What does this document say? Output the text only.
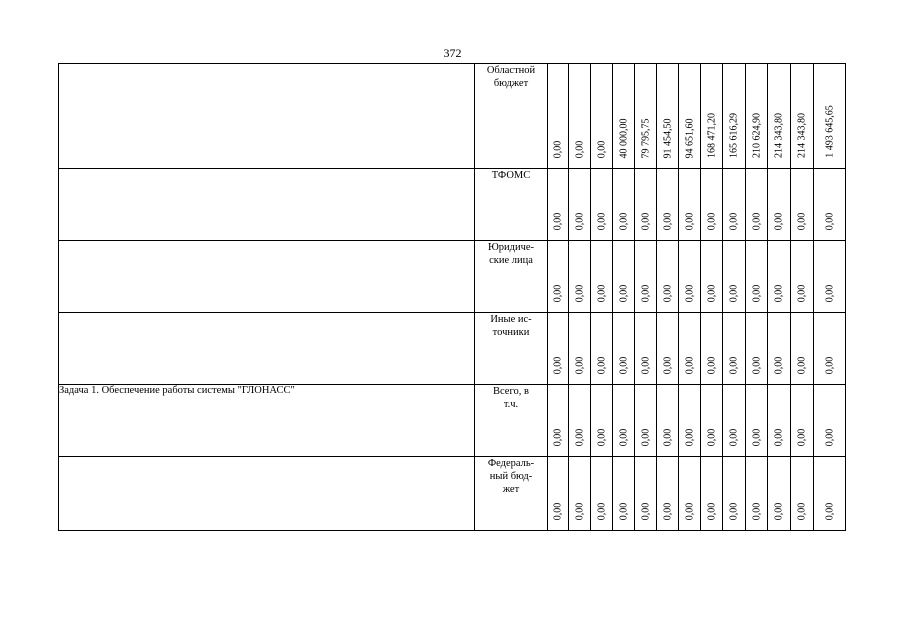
372

	Областной бюджет	0,00	0,00	0,00	40 000,00	79 795,75	91 454,50	94 651,60	168 471,20	165 616,29	210 624,90	214 343,80	214 343,80	1 493 645,65

	ТФОМС	0,00	0,00	0,00	0,00	0,00	0,00	0,00	0,00	0,00	0,00	0,00	0,00	0,00

	Юридиче-ские лица	0,00	0,00	0,00	0,00	0,00	0,00	0,00	0,00	0,00	0,00	0,00	0,00	0,00

	Иные ис-точники	0,00	0,00	0,00	0,00	0,00	0,00	0,00	0,00	0,00	0,00	0,00	0,00	0,00

Задача 1. Обеспечение работы системы "ГЛОНАСС"	Всего, в т.ч.	0,00	0,00	0,00	0,00	0,00	0,00	0,00	0,00	0,00	0,00	0,00	0,00	0,00

	Федераль-ный бюд-жет	0,00	0,00	0,00	0,00	0,00	0,00	0,00	0,00	0,00	0,00	0,00	0,00	0,00
